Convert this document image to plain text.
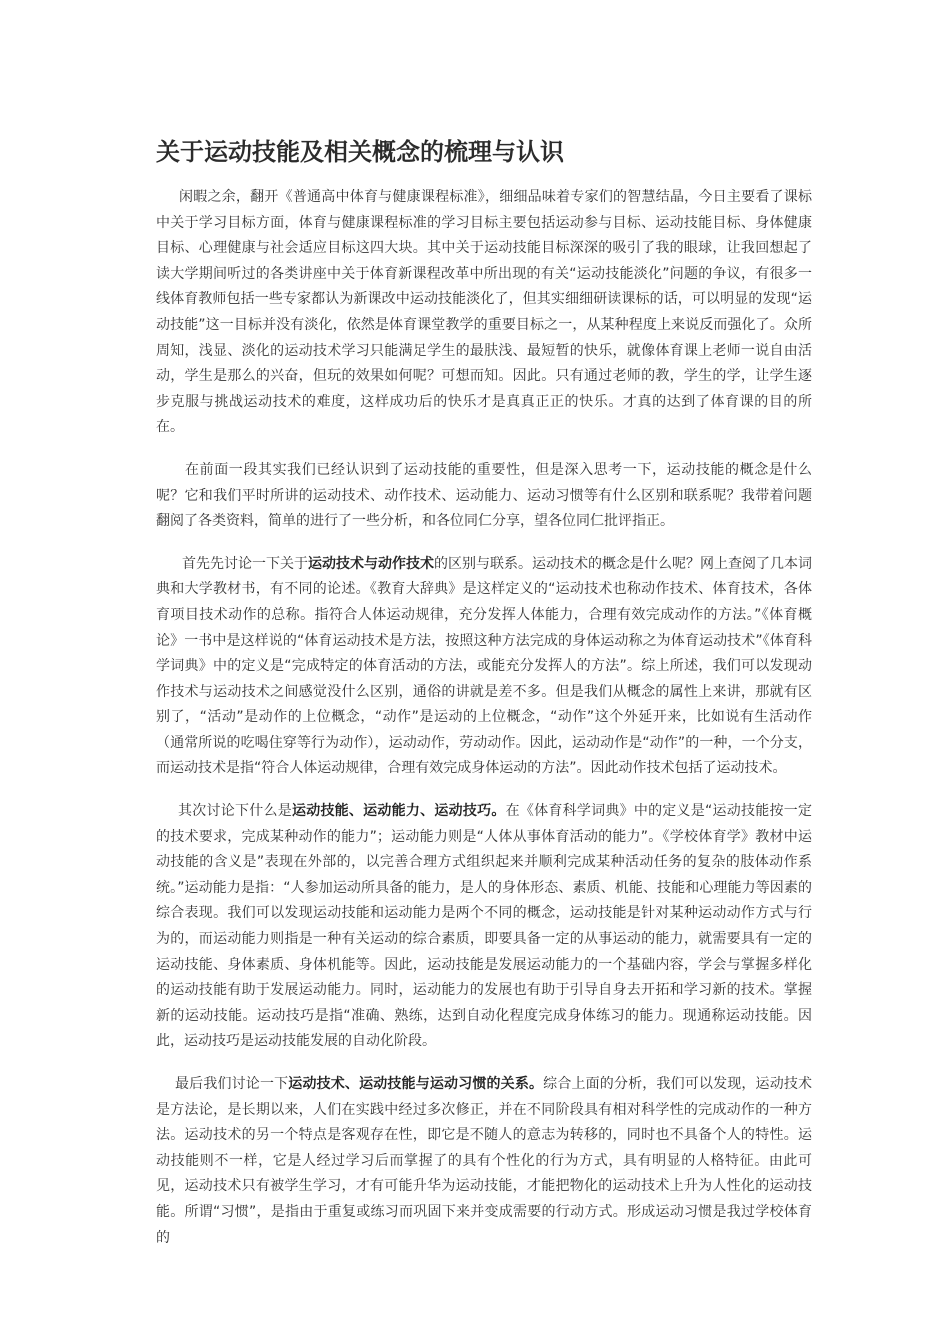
关于运动技能及相关概念的梳理与认识

闲暇之余，翻开《普通高中体育与健康课程标准》，细细品味着专家们的智慧结晶，今日主要看了课标中关于学习目标方面，体育与健康课程标准的学习目标主要包括运动参与目标、运动技能目标、身体健康目标、心理健康与社会适应目标这四大块。其中关于运动技能目标深深的吸引了我的眼球，让我回想起了读大学期间听过的各类讲座中关于体育新课程改革中所出现的有关“运动技能淡化”问题的争议，有很多一线体育教师包括一些专家都认为新课改中运动技能淡化了，但其实细细研读课标的话，可以明显的发现“运动技能”这一目标并没有淡化，依然是体育课堂教学的重要目标之一，从某种程度上来说反而强化了。众所周知，浅显、淡化的运动技术学习只能满足学生的最肤浅、最短暂的快乐，就像体育课上老师一说自由活动，学生是那么的兴奋，但玩的效果如何呢？可想而知。因此。只有通过老师的教，学生的学，让学生逐步克服与挑战运动技术的难度，这样成功后的快乐才是真真正正的快乐。才真的达到了体育课的目的所在。

在前面一段其实我们已经认识到了运动技能的重要性，但是深入思考一下，运动技能的概念是什么呢？它和我们平时所讲的运动技术、动作技术、运动能力、运动习惯等有什么区别和联系呢？我带着问题翻阅了各类资料，简单的进行了一些分析，和各位同仁分享，望各位同仁批评指正。

首先先讨论一下关于运动技术与动作技术的区别与联系。运动技术的概念是什么呢？网上查阅了几本词典和大学教材书，有不同的论述。《教育大辞典》是这样定义的“运动技术也称动作技术、体育技术，各体育项目技术动作的总称。指符合人体运动规律，充分发挥人体能力，合理有效完成动作的方法。”《体育概论》一书中是这样说的“体育运动技术是方法，按照这种方法完成的身体运动称之为体育运动技术”《体育科学词典》中的定义是“完成特定的体育活动的方法，或能充分发挥人的方法”。综上所述，我们可以发现动作技术与运动技术之间感觉没什么区别，通俗的讲就是差不多。但是我们从概念的属性上来讲，那就有区别了，“活动”是动作的上位概念，“动作”是运动的上位概念，“动作”这个外延开来，比如说有生活动作（通常所说的吃喝住穿等行为动作），运动动作，劳动动作。因此，运动动作是“动作”的一种，一个分支，而运动技术是指“符合人体运动规律，合理有效完成身体运动的方法”。因此动作技术包括了运动技术。

其次讨论下什么是运动技能、运动能力、运动技巧。在《体育科学词典》中的定义是“运动技能按一定的技术要求，完成某种动作的能力”；运动能力则是“人体从事体育活动的能力”。《学校体育学》教材中运动技能的含义是”表现在外部的，以完善合理方式组织起来并顺利完成某种活动任务的复杂的肢体动作系统。”运动能力是指：“人参加运动所具备的能力，是人的身体形态、素质、机能、技能和心理能力等因素的综合表现。我们可以发现运动技能和运动能力是两个不同的概念，运动技能是针对某种运动动作方式与行为的，而运动能力则指是一种有关运动的综合素质，即要具备一定的从事运动的能力，就需要具有一定的运动技能、身体素质、身体机能等。因此，运动技能是发展运动能力的一个基础内容，学会与掌握多样化的运动技能有助于发展运动能力。同时，运动能力的发展也有助于引导自身去开拓和学习新的技术。掌握新的运动技能。运动技巧是指“准确、熟练，达到自动化程度完成身体练习的能力。现通称运动技能。因此，运动技巧是运动技能发展的自动化阶段。

最后我们讨论一下运动技术、运动技能与运动习惯的关系。综合上面的分析，我们可以发现，运动技术是方法论，是长期以来，人们在实践中经过多次修正，并在不同阶段具有相对科学性的完成动作的一种方法。运动技术的另一个特点是客观存在性，即它是不随人的意志为转移的，同时也不具备个人的特性。运动技能则不一样，它是人经过学习后而掌握了的具有个性化的行为方式，具有明显的人格特征。由此可见，运动技术只有被学生学习，才有可能升华为运动技能，才能把物化的运动技术上升为人性化的运动技能。所谓“习惯”，是指由于重复或练习而巩固下来并变成需要的行动方式。形成运动习惯是我过学校体育的
